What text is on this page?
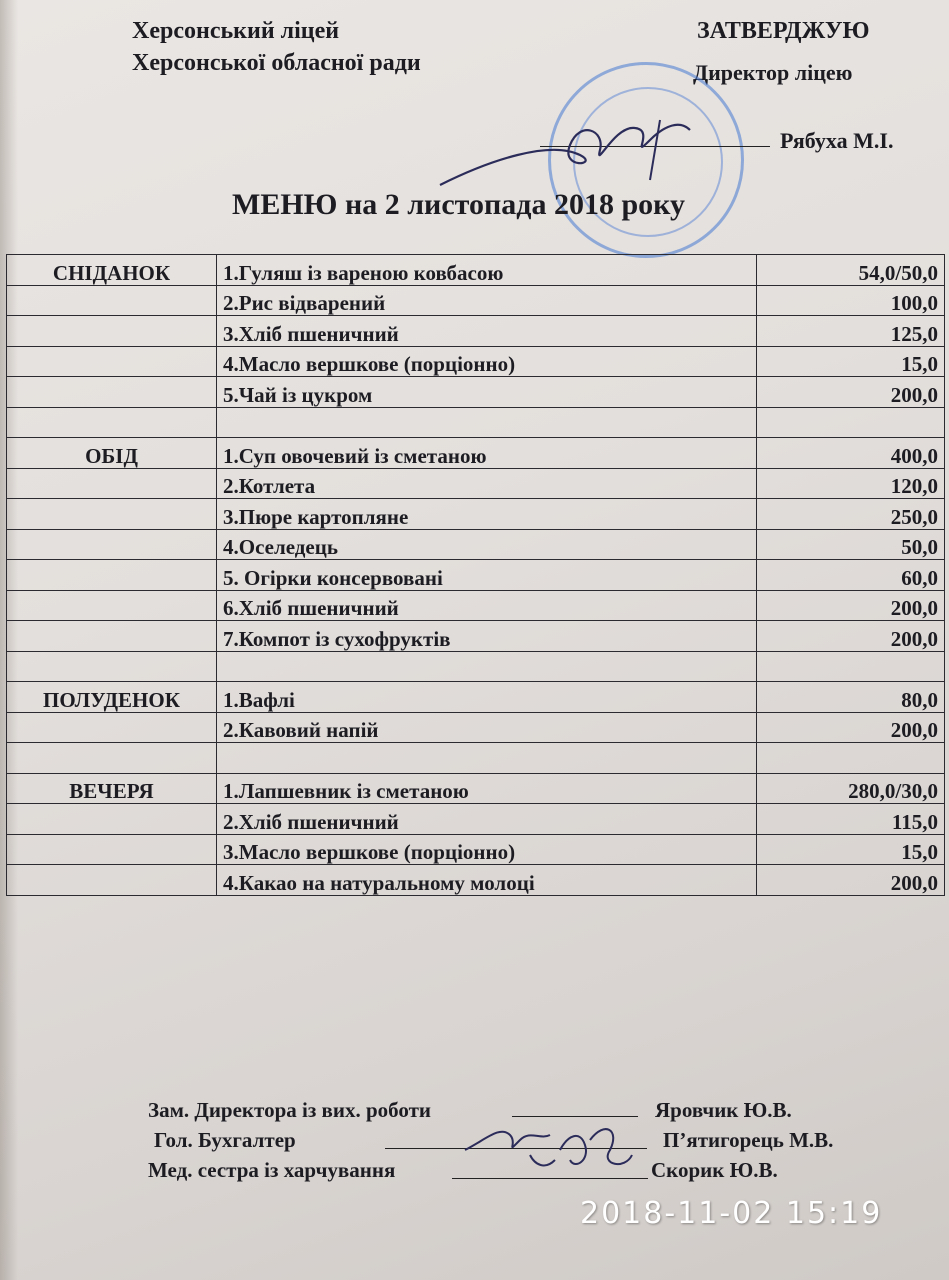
Херсонський ліцей
Херсонської обласної ради
ЗАТВЕРДЖУЮ
Директор ліцею
Рябуха М.І.
МЕНЮ на 2 листопада 2018 року
СНІДАНОК	1.Гуляш із вареною ковбасою	54,0/50,0
	2.Рис відварений	100,0
	3.Хліб пшеничний	125,0
	4.Масло вершкове (порціонно)	15,0
	5.Чай із цукром	200,0

ОБІД	1.Суп овочевий із сметаною	400,0
	2.Котлета	120,0
	3.Пюре картопляне	250,0
	4.Оселедець	50,0
	5. Огірки консервовані	60,0
	6.Хліб пшеничний	200,0
	7.Компот із сухофруктів	200,0

ПОЛУДЕНОК	1.Вафлі	80,0
	2.Кавовий напій	200,0

ВЕЧЕРЯ	1.Лапшевник із сметаною	280,0/30,0
	2.Хліб пшеничний	115,0
	3.Масло вершкове (порціонно)	15,0
	4.Какао на натуральному молоці	200,0
Зам. Директора із вих. роботи	Яровчик Ю.В.
Гол. Бухгалтер	П’ятигорець М.В.
Мед. сестра із харчування	Скорик Ю.В.
2018-11-02 15:19
